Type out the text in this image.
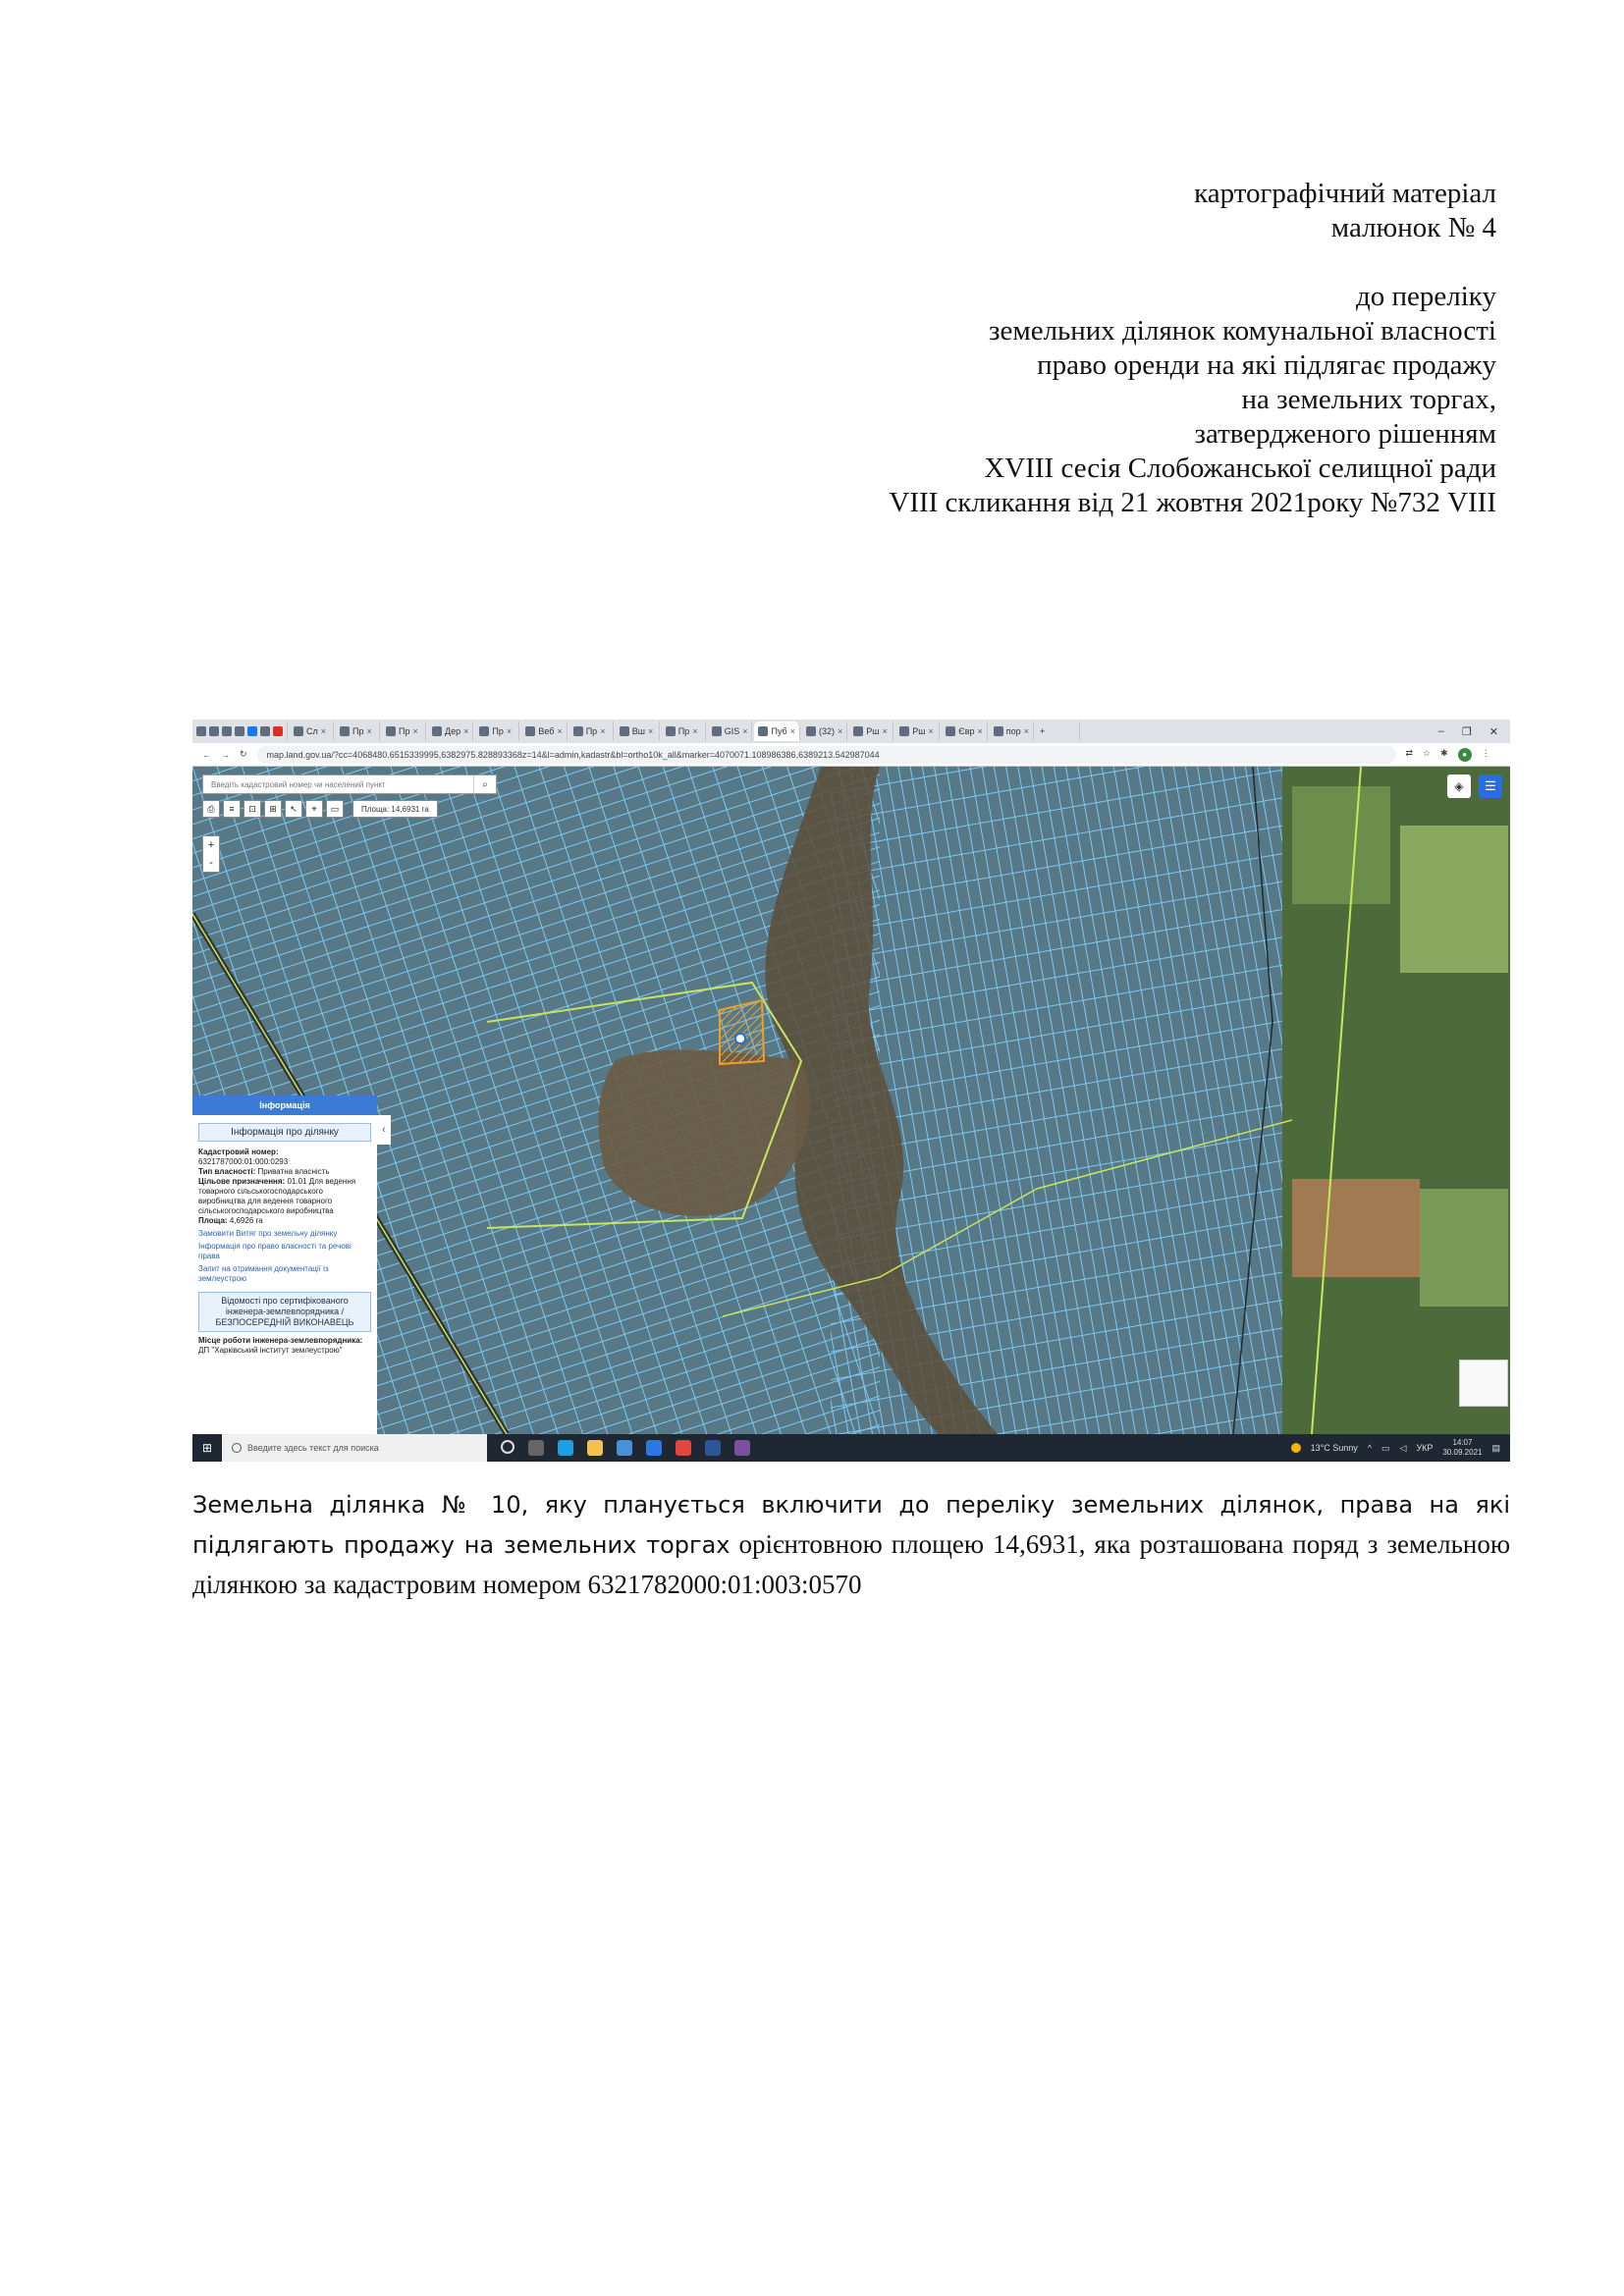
картографічний матеріал
малюнок № 4
до переліку
земельних ділянок комунальної власності
право оренди на які підлягає продажу
на земельних торгах,
затвердженого рішенням
XVIII сесія Слобожанської селищної ради
VIII скликання від 21 жовтня 2021року №732 VIII
Сл ×	Пр ×	Пр ×	Дер ×	Пр ×	Веб ×	Пр ×	Вш ×	Пр ×	GIS ×	Пуб ×	(32) ×	Рш ×	Рш ×	Євр ×	пор ×	+	– ❐ ✕
← → ↻ map.land.gov.ua/?cc=4068480.6515339995,6382975.828893368z=14&l=admin,kadastr&bl=ortho10k_all&marker=4070071.108986386,6389213.542987044	⇄ ☆ ✱	●	⋮
Введіть кадастровий номер чи населений пункт	⌕
⎙	≡	⊡	⊞	↖	⌖	▭	Площа: 14,6931 га
+
-
◈	☰
Інформація
Інформація про ділянку
Кадастровий номер:
6321787000:01:000:0293
Тип власності: Приватна власність
Цільове призначення: 01.01 Для ведення товарного сільськогосподарського виробництва для ведення товарного сільськогосподарського виробництва
Площа: 4,6926 га
Замовити Витяг про земельну ділянку
Інформація про право власності та речові права
Запит на отримання документації із землеустрою
Відомості про сертифікованого інженера-землевпорядника / БЕЗПОСЕРЕДНІЙ ВИКОНАВЕЦЬ
Місце роботи інженера-землевпорядника: ДП "Харківський інститут землеустрою"
‹
⊞	Введите здесь текст для поиска	13°C Sunny ^ ▭ ◁ УКР
14:07
30.09.2021 ▤
Земельна ділянка № 10, яку планується включити до переліку земельних ділянок, права на які підлягають продажу на земельних торгах орієнтовною площею 14,6931, яка розташована поряд з земельною ділянкою за кадастровим номером 6321782000:01:003:0570
